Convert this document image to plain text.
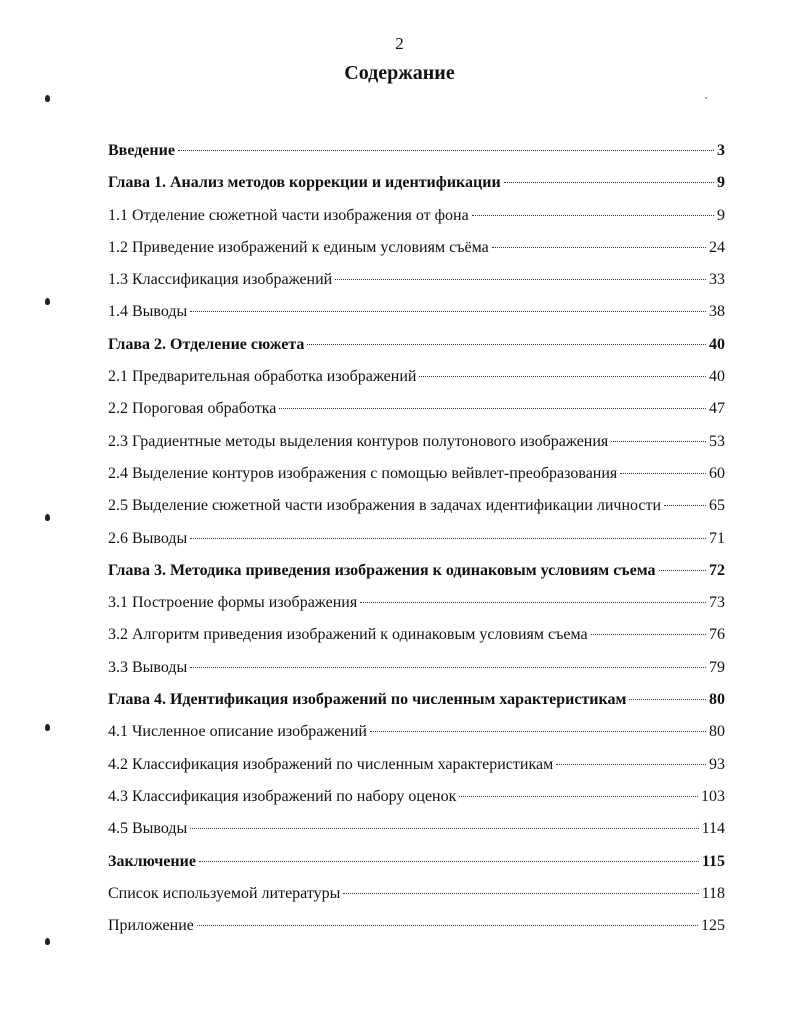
2
Содержание
Введение	3
Глава 1. Анализ методов коррекции и идентификации	9
1.1 Отделение сюжетной части изображения от фона	9
1.2 Приведение изображений к единым условиям съёма	24
1.3 Классификация изображений	33
1.4 Выводы	38
Глава 2. Отделение сюжета	40
2.1 Предварительная обработка изображений	40
2.2 Пороговая обработка	47
2.3 Градиентные методы выделения контуров полутонового изображения	53
2.4 Выделение контуров изображения с помощью вейвлет-преобразования	60
2.5 Выделение сюжетной части изображения в задачах идентификации личности	65
2.6 Выводы	71
Глава 3. Методика приведения изображения к одинаковым условиям съема	72
3.1 Построение формы изображения	73
3.2 Алгоритм приведения изображений к одинаковым условиям съема	76
3.3 Выводы	79
Глава 4. Идентификация изображений по численным характеристикам	80
4.1 Численное описание изображений	80
4.2 Классификация изображений по численным характеристикам	93
4.3 Классификация изображений по набору оценок	103
4.5 Выводы	114
Заключение	115
Список используемой литературы	118
Приложение	125
